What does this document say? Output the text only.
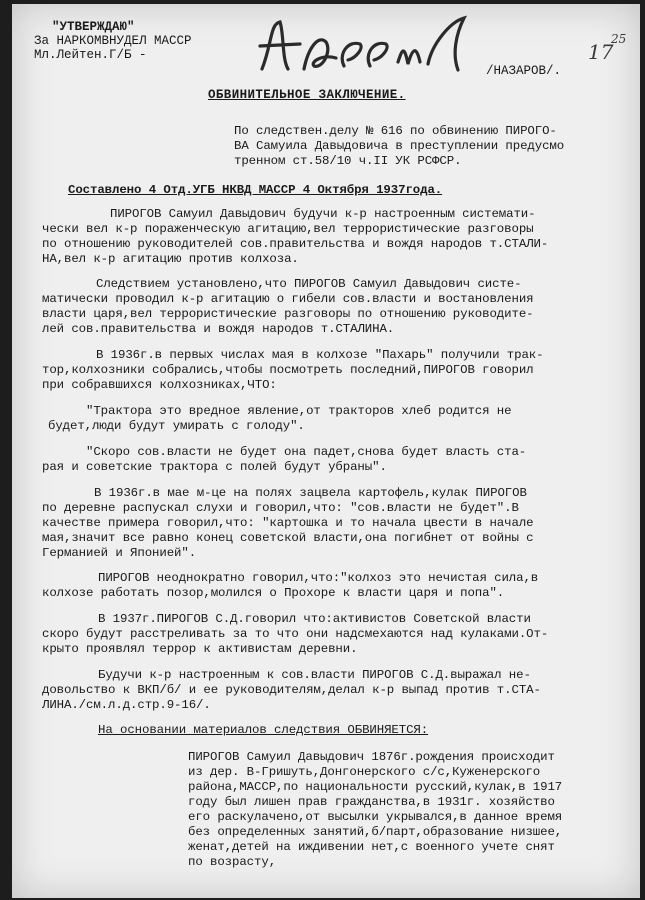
"УТВЕРЖДАЮ"
За НАРКОМВНУДЕЛ МАССР
Мл.Лейтен.Г/Б -
/НАЗАРОВ/.
17
25
ОБВИНИТЕЛЬНОЕ ЗАКЛЮЧЕНИЕ.
По следствен.делу № 616 по обвинению ПИРОГО-
ВА Самуила Давыдовича в преступлении предусмо
тренном ст.58/10 ч.II УК РСФСР.
Составлено 4 Отд.УГБ НКВД МАССР 4 Октября 1937года.
ПИРОГОВ Самуил Давыдович будучи к-р настроенным системати-
чески вел к-р пораженческую агитацию,вел террористические разговоры
по отношению руководителей сов.правительства и вождя народов т.СТАЛИ-
НА,вел к-р агитацию против колхоза.
Следствием установлено,что ПИРОГОВ Самуил Давыдович систе-
матически проводил к-р агитацию о гибели сов.власти и востановления
власти царя,вел террористические разговоры по отношению руководите-
лей сов.правительства и вождя народов т.СТАЛИНА.
В 1936г.в первых числах мая в колхозе "Пахарь" получили трак-
тор,колхозники собрались,чтобы посмотреть последний,ПИРОГОВ говорил
при собравшихся колхозниках,ЧТО:
"Трактора это вредное явление,от тракторов хлеб родится не
будет,люди будут умирать с голоду".
"Скоро сов.власти не будет она падет,снова будет власть ста-
рая и советские трактора с полей будут убраны".
В 1936г.в мае м-це на полях зацвела картофель,кулак ПИРОГОВ
по деревне распускал слухи и говорил,что: "сов.власти не будет".В
качестве примера говорил,что: "картошка и то начала цвести в начале
мая,значит все равно конец советской власти,она погибнет от войны с
Германией и Японией".
ПИРОГОВ неоднократно говорил,что:"колхоз это нечистая сила,в
колхозе работать позор,молился о Прохоре к власти царя и попа".
В 1937г.ПИРОГОВ С.Д.говорил что:активистов Советской власти
скоро будут расстреливать за то что они надсмехаются над кулаками.От-
крыто проявлял террор к активистам деревни.
Будучи к-р настроенным к сов.власти ПИРОГОВ С.Д.выражал не-
довольство к ВКП/б/ и ее руководителям,делал к-р выпад против т.СТА-
ЛИНА./см.л.д.стр.9-16/.
На основании материалов следствия ОБВИНЯЕТСЯ:
ПИРОГОВ Самуил Давыдович 1876г.рождения происходит
из дер. В-Гришуть,Донгонерского с/с,Куженерского
района,МАССР,по национальности русский,кулак,в 1917
году был лишен прав гражданства,в 1931г. хозяйство
его раскулачено,от высылки укрывался,в данное время
без определенных занятий,б/парт,образование низшее,
женат,детей на иждивении нет,с военного учете снят
по возрасту,
